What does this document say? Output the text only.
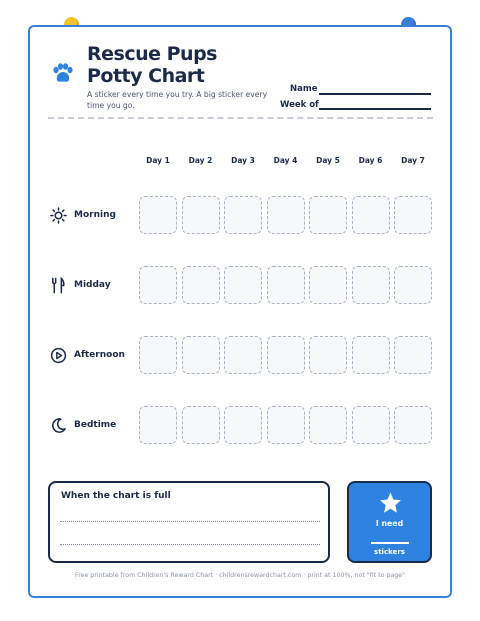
Rescue Pups
Potty Chart
A sticker every time you try. A big sticker every time you go.
Name
Week of
Day 1	Day 2	Day 3	Day 4	Day 5	Day 6	Day 7
Morning
Midday
Afternoon
Bedtime
When the chart is full
I need
stickers
Free printable from Children's Reward Chart · childrensrewardchart.com · print at 100%, not "fit to page"
